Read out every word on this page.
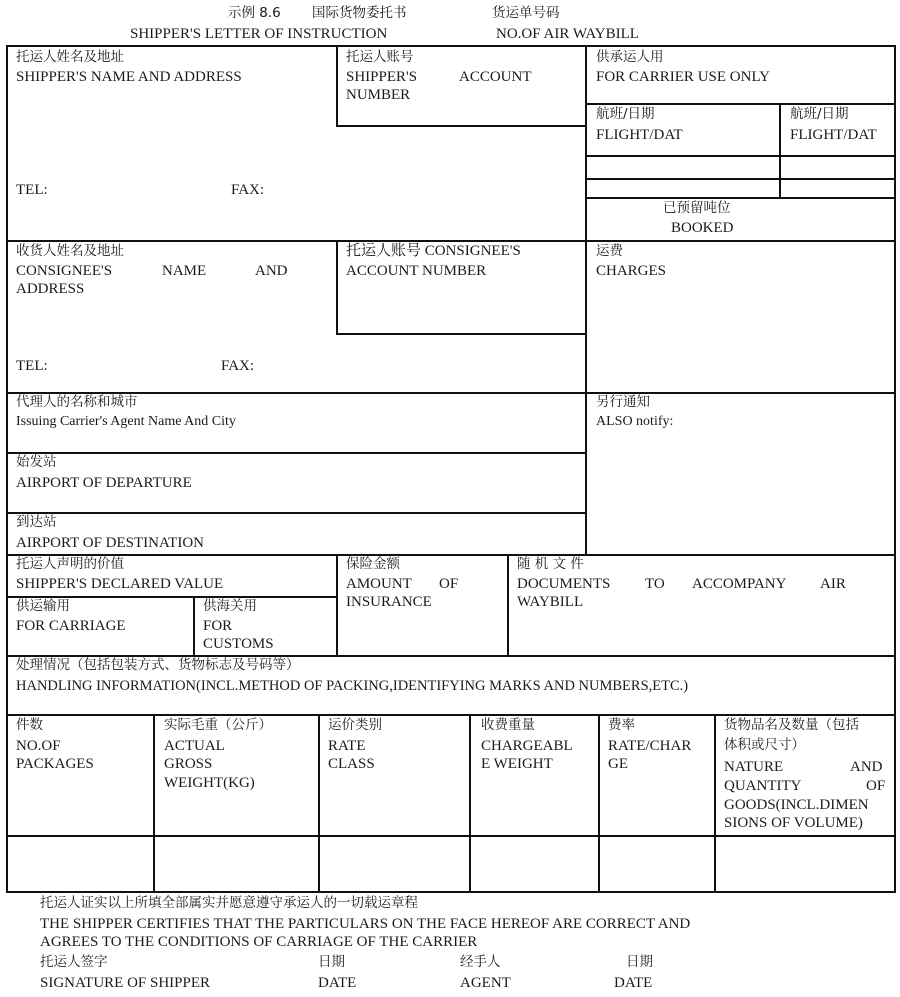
示例 8.6 国际货物委托书	货运单号码
SHIPPER'S LETTER OF INSTRUCTION	NO.OF AIR WAYBILL
托运人姓名及地址
SHIPPER'S NAME AND ADDRESS
TEL:	FAX:
托运人账号
SHIPPER'S	ACCOUNT
NUMBER
供承运人用
FOR CARRIER USE ONLY
航班/日期
FLIGHT/DAT
航班/日期
FLIGHT/DAT
已预留吨位
BOOKED
收货人姓名及地址
CONSIGNEE'S	NAME	AND
ADDRESS
TEL:	FAX:
托运人账号 CONSIGNEE'S
ACCOUNT NUMBER
运费
CHARGES
代理人的名称和城市
Issuing Carrier's Agent Name And City
另行通知
ALSO notify:
始发站
AIRPORT OF DEPARTURE
到达站
AIRPORT OF DESTINATION
托运人声明的价值
SHIPPER'S DECLARED VALUE
供运输用
FOR CARRIAGE
供海关用
FOR
CUSTOMS
保险金额
AMOUNT OF
INSURANCE
随 机 文 件
DOCUMENTS TO ACCOMPANY AIR
WAYBILL
处理情况（包括包装方式、货物标志及号码等）
HANDLING INFORMATION(INCL.METHOD OF PACKING,IDENTIFYING MARKS AND NUMBERS,ETC.)
件数
NO.OF
PACKAGES
实际毛重（公斤）
ACTUAL
GROSS
WEIGHT(KG)
运价类别
RATE
CLASS
收费重量
CHARGEABL
E WEIGHT
费率
RATE/CHAR
GE
货物品名及数量（包括
体积或尺寸）
NATURE	AND
QUANTITY	OF
GOODS(INCL.DIMEN
SIONS OF VOLUME)
托运人证实以上所填全部属实并愿意遵守承运人的一切载运章程
THE SHIPPER CERTIFIES THAT THE PARTICULARS ON THE FACE HEREOF ARE CORRECT AND
AGREES TO THE CONDITIONS OF CARRIAGE OF THE CARRIER
托运人签字
SIGNATURE OF SHIPPER
日期
DATE
经手人
AGENT
日期
DATE
